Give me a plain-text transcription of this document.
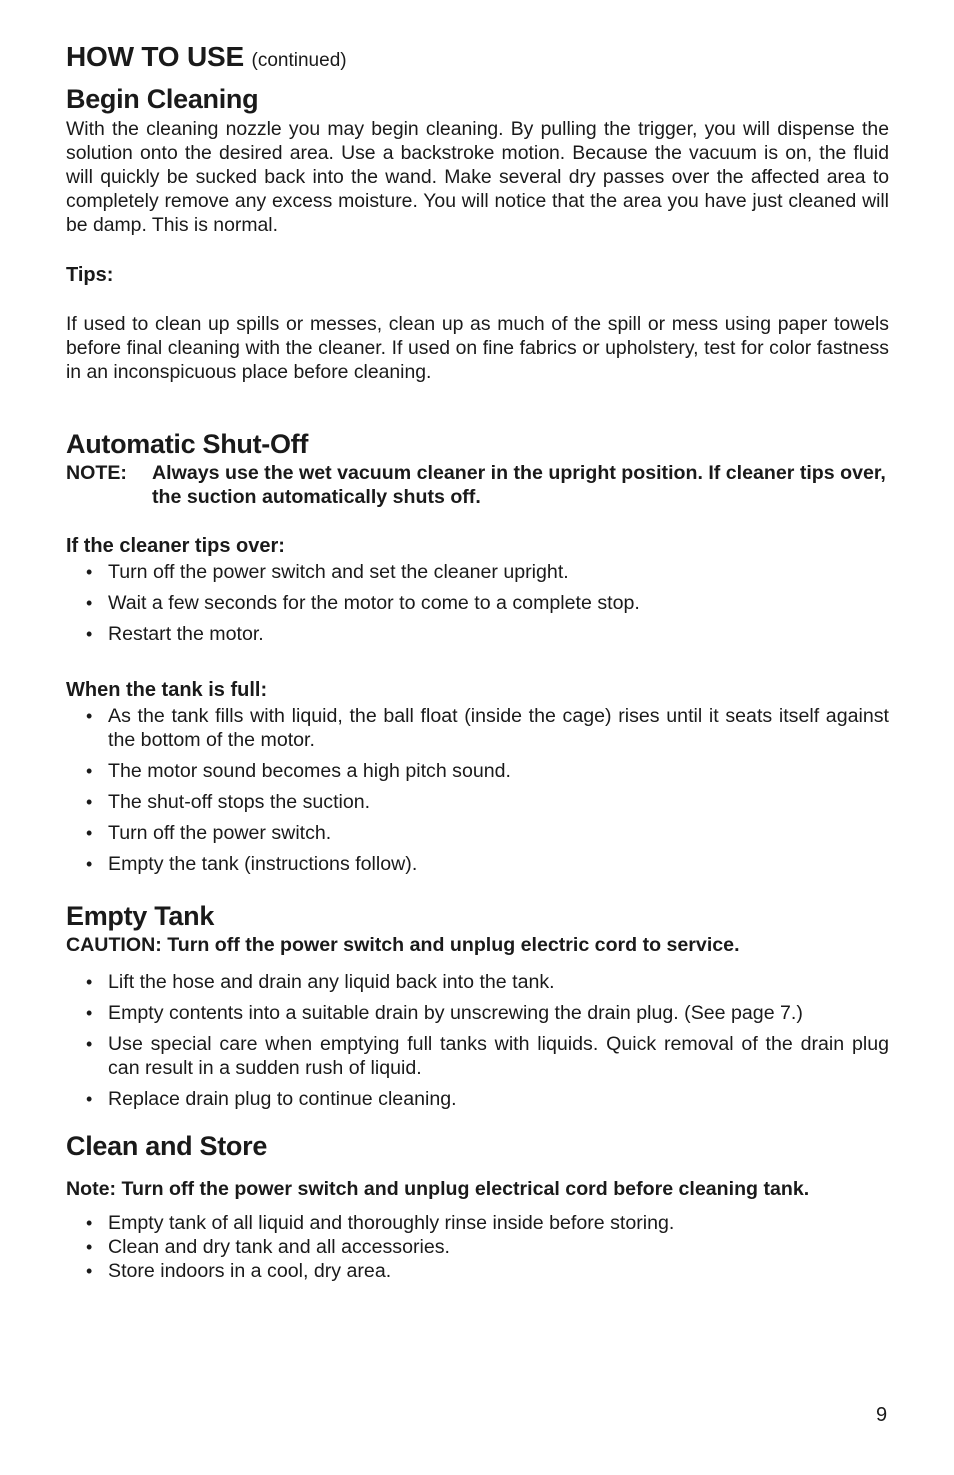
HOW TO USE (continued)
Begin Cleaning

With the cleaning nozzle you may begin cleaning. By pulling the trigger, you will dispense the solution onto the desired area. Use a backstroke motion. Because the vacuum is on, the fluid will quickly be sucked back into the wand. Make several dry passes over the affected area to completely remove any excess moisture. You will notice that the area you have just cleaned will be damp. This is normal.

Tips:

If used to clean up spills or messes, clean up as much of the spill or mess using paper towels before final cleaning with the cleaner. If used on fine fabrics or upholstery, test for color fastness in an inconspicuous place before cleaning.

Automatic Shut-Off
NOTE: Always use the wet vacuum cleaner in the upright position. If cleaner tips over, the suction automatically shuts off.
If the cleaner tips over:
• Turn off the power switch and set the cleaner upright.
• Wait a few seconds for the motor to come to a complete stop.
• Restart the motor.
When the tank is full:
• As the tank fills with liquid, the ball float (inside the cage) rises until it seats itself against the bottom of the motor.
• The motor sound becomes a high pitch sound.
• The shut-off stops the suction.
• Turn off the power switch.
• Empty the tank (instructions follow).
Empty Tank
CAUTION: Turn off the power switch and unplug electric cord to service.
• Lift the hose and drain any liquid back into the tank.
• Empty contents into a suitable drain by unscrewing the drain plug. (See page 7.)
• Use special care when emptying full tanks with liquids. Quick removal of the drain plug can result in a sudden rush of liquid.
• Replace drain plug to continue cleaning.
Clean and Store
Note: Turn off the power switch and unplug electrical cord before cleaning tank.
• Empty tank of all liquid and thoroughly rinse inside before storing.
• Clean and dry tank and all accessories.
• Store indoors in a cool, dry area.
9
